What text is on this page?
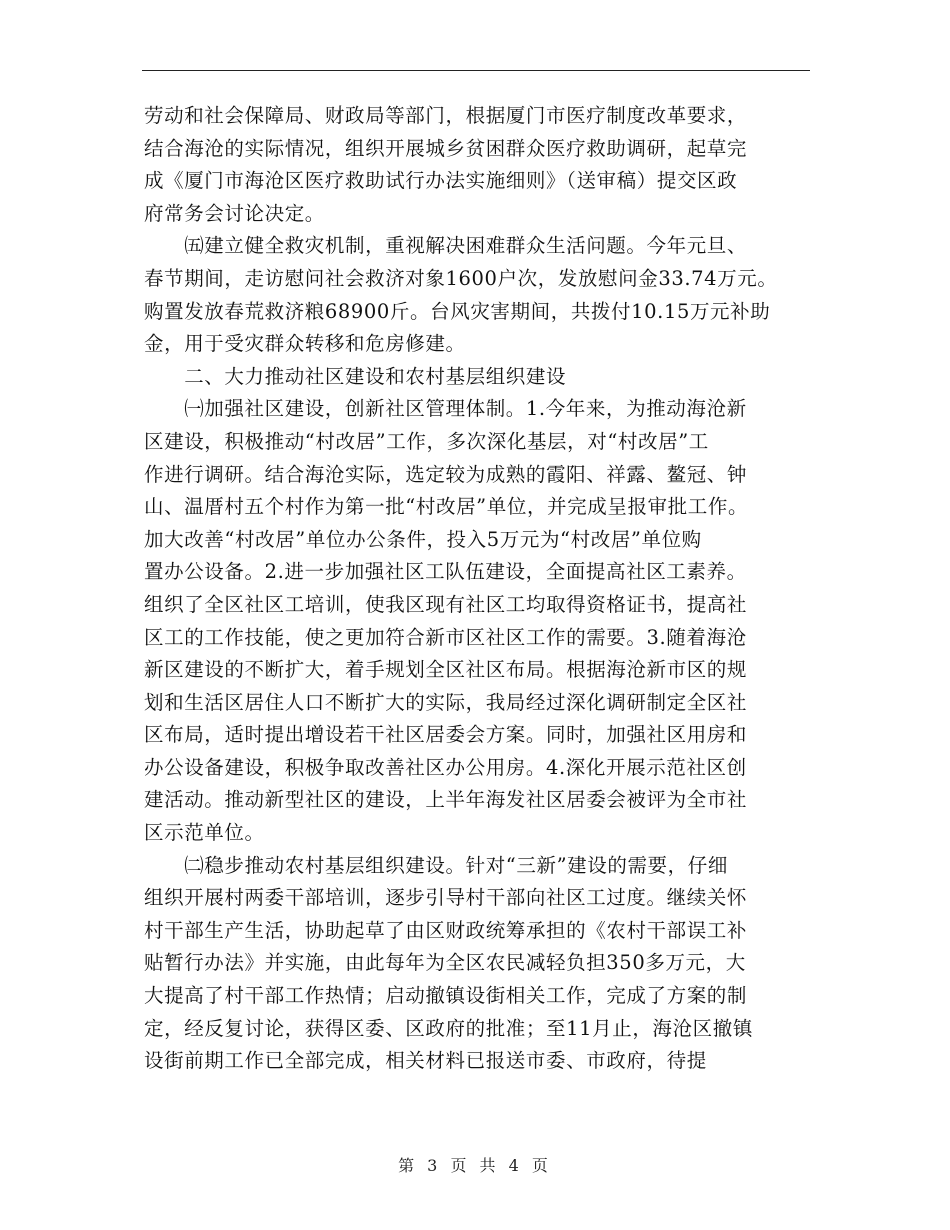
劳动和社会保障局、财政局等部门，根据厦门市医疗制度改革要求，
结合海沧的实际情况，组织开展城乡贫困群众医疗救助调研，起草完
成《厦门市海沧区医疗救助试行办法实施细则》（送审稿）提交区政
府常务会讨论决定。

　　㈤建立健全救灾机制，重视解决困难群众生活问题。今年元旦、
春节期间，走访慰问社会救济对象1600户次，发放慰问金33.74万元。
购置发放春荒救济粮68900斤。台风灾害期间，共拨付10.15万元补助
金，用于受灾群众转移和危房修建。

　　二、大力推动社区建设和农村基层组织建设

　　㈠加强社区建设，创新社区管理体制。1.今年来，为推动海沧新
区建设，积极推动“村改居”工作，多次深化基层，对“村改居”工
作进行调研。结合海沧实际，选定较为成熟的霞阳、祥露、鳌冠、钟
山、温厝村五个村作为第一批“村改居”单位，并完成呈报审批工作。
加大改善“村改居”单位办公条件，投入5万元为“村改居”单位购
置办公设备。2.进一步加强社区工队伍建设，全面提高社区工素养。
组织了全区社区工培训，使我区现有社区工均取得资格证书，提高社
区工的工作技能，使之更加符合新市区社区工作的需要。3.随着海沧
新区建设的不断扩大，着手规划全区社区布局。根据海沧新市区的规
划和生活区居住人口不断扩大的实际，我局经过深化调研制定全区社
区布局，适时提出增设若干社区居委会方案。同时，加强社区用房和
办公设备建设，积极争取改善社区办公用房。4.深化开展示范社区创
建活动。推动新型社区的建设，上半年海发社区居委会被评为全市社
区示范单位。

　　㈡稳步推动农村基层组织建设。针对“三新”建设的需要，仔细
组织开展村两委干部培训，逐步引导村干部向社区工过度。继续关怀
村干部生产生活，协助起草了由区财政统筹承担的《农村干部误工补
贴暂行办法》并实施，由此每年为全区农民减轻负担350多万元，大
大提高了村干部工作热情；启动撤镇设街相关工作，完成了方案的制
定，经反复讨论，获得区委、区政府的批准；至11月止，海沧区撤镇
设街前期工作已全部完成，相关材料已报送市委、市政府，待提

第 3 页 共 4 页
